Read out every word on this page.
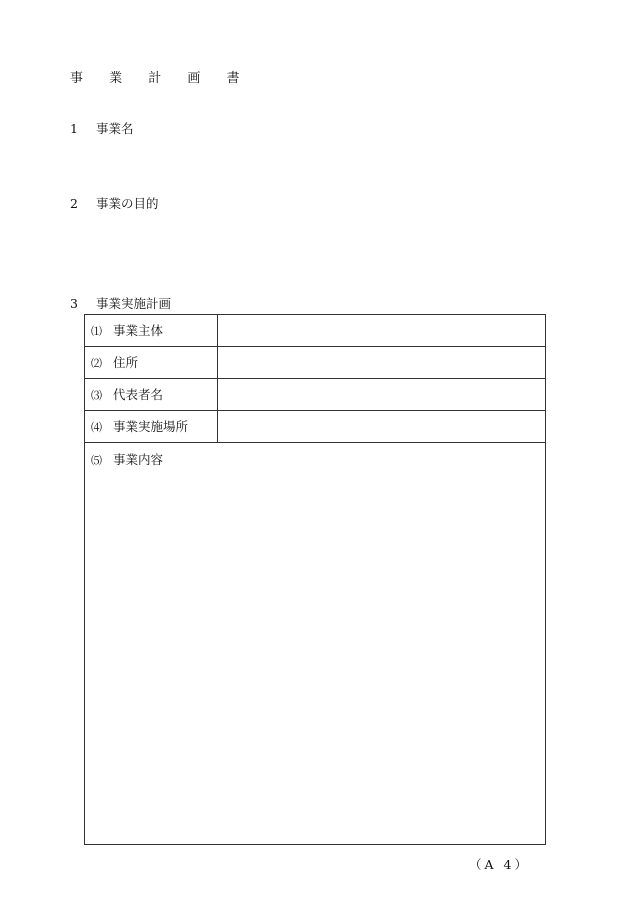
事 業 計 画 書
1 事業名
2 事業の目的
3 事業実施計画
⑴ 事業主体
⑵ 住所
⑶ 代表者名
⑷ 事業実施場所
⑸ 事業内容
（A 4）
